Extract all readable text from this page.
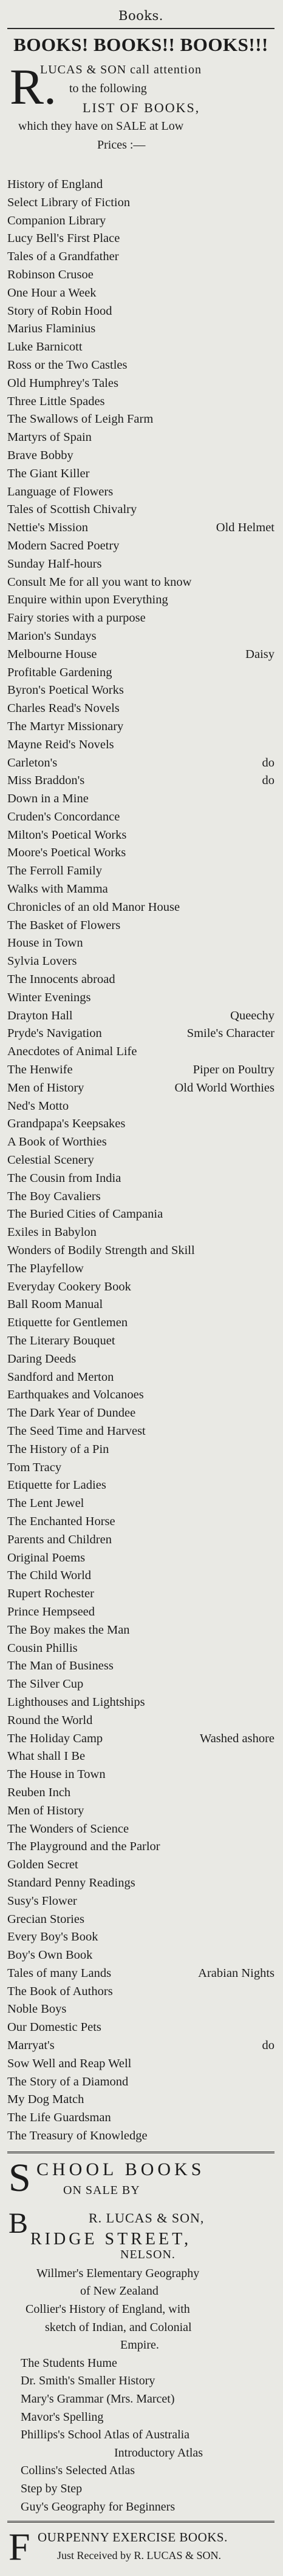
Books.
BOOKS! BOOKS!! BOOKS!!!
R.
LUCAS & SON call attention
to the following
LIST OF BOOKS,
which they have on SALE at Low
Prices :—
History of England
Select Library of Fiction
Companion Library
Lucy Bell's First Place
Tales of a Grandfather
Robinson Crusoe
One Hour a Week
Story of Robin Hood
Marius Flaminius
Luke Barnicott
Ross or the Two Castles
Old Humphrey's Tales
Three Little Spades
The Swallows of Leigh Farm
Martyrs of Spain
Brave Bobby
The Giant Killer
Language of Flowers
Tales of Scottish Chivalry
Nettie's Mission	Old Helmet
Modern Sacred Poetry
Sunday Half-hours
Consult Me for all you want to know
Enquire within upon Everything
Fairy stories with a purpose
Marion's Sundays
Melbourne House	Daisy
Profitable Gardening
Byron's Poetical Works
Charles Read's Novels
The Martyr Missionary
Mayne Reid's Novels
Carleton's	do
Miss Braddon's	do
Down in a Mine
Cruden's Concordance
Milton's Poetical Works
Moore's Poetical Works
The Ferroll Family
Walks with Mamma
Chronicles of an old Manor House
The Basket of Flowers
House in Town
Sylvia Lovers
The Innocents abroad
Winter Evenings
Drayton Hall	Queechy
Pryde's Navigation	Smile's Character
Anecdotes of Animal Life
The Henwife	Piper on Poultry
Men of History	Old World Worthies
Ned's Motto
Grandpapa's Keepsakes
A Book of Worthies
Celestial Scenery
The Cousin from India
The Boy Cavaliers
The Buried Cities of Campania
Exiles in Babylon
Wonders of Bodily Strength and Skill
The Playfellow
Everyday Cookery Book
Ball Room Manual
Etiquette for Gentlemen
The Literary Bouquet
Daring Deeds
Sandford and Merton
Earthquakes and Volcanoes
The Dark Year of Dundee
The Seed Time and Harvest
The History of a Pin
Tom Tracy
Etiquette for Ladies
The Lent Jewel
The Enchanted Horse
Parents and Children
Original Poems
The Child World
Rupert Rochester
Prince Hempseed
The Boy makes the Man
Cousin Phillis
The Man of Business
The Silver Cup
Lighthouses and Lightships
Round the World
The Holiday Camp	Washed ashore
What shall I Be
The House in Town
Reuben Inch
Men of History
The Wonders of Science
The Playground and the Parlor
Golden Secret
Standard Penny Readings
Susy's Flower
Grecian Stories
Every Boy's Book
Boy's Own Book
Tales of many Lands	Arabian Nights
The Book of Authors
Noble Boys
Our Domestic Pets
Marryat's	do
Sow Well and Reap Well
The Story of a Diamond
My Dog Match
The Life Guardsman
The Treasury of Knowledge
S CHOOL BOOKS
ON SALE BY
B	R. LUCAS & SON,
RIDGE STREET,
NELSON.
Willmer's Elementary Geography
of New Zealand
Collier's History of England, with
sketch of Indian, and Colonial
Empire.
The Students Hume
Dr. Smith's Smaller History
Mary's Grammar (Mrs. Marcet)
Mavor's Spelling
Phillips's School Atlas of Australia
Introductory Atlas
Collins's Selected Atlas
Step by Step
Guy's Geography for Beginners
F OURPENNY EXERCISE BOOKS.
Just Received by R. LUCAS & SON.
